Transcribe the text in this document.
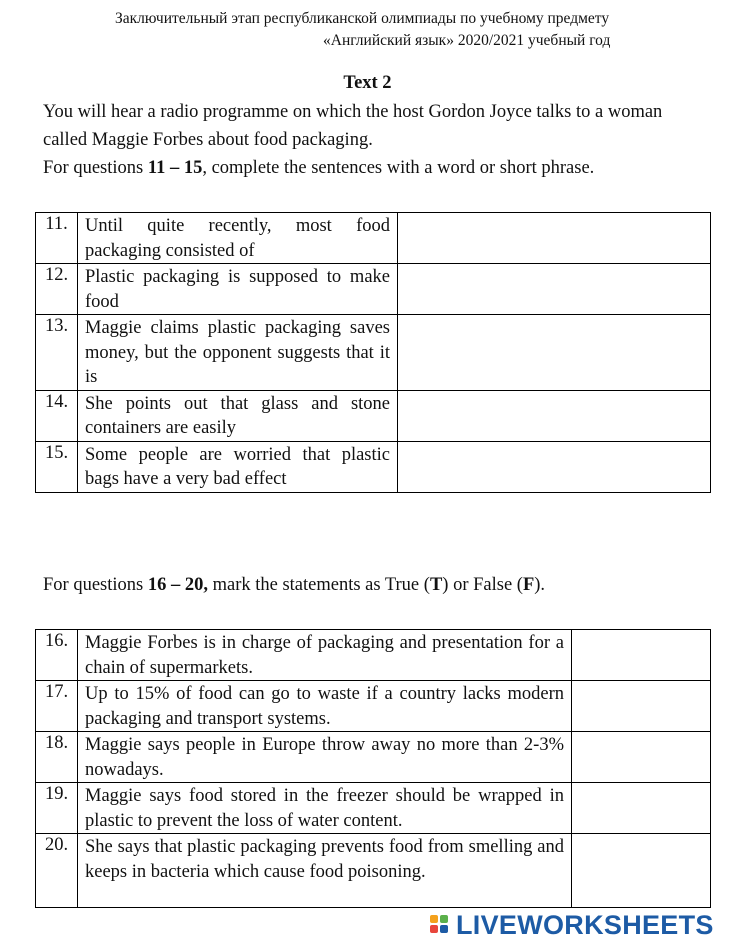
Заключительный этап республиканской олимпиады по учебному предмету
«Английский язык» 2020/2021 учебный год
Text 2
You will hear a radio programme on which the host Gordon Joyce talks to a woman called Maggie Forbes about food packaging.
For questions 11 – 15, complete the sentences with a word or short phrase.
11.	Until quite recently, most food packaging consisted of	
12.	Plastic packaging is supposed to make food	
13.	Maggie claims plastic packaging saves money, but the opponent suggests that it is	
14.	She points out that glass and stone containers are easily	
15.	Some people are worried that plastic bags have a very bad effect	
For questions 16 – 20, mark the statements as True (T) or False (F).
16.	Maggie Forbes is in charge of packaging and presentation for a chain of supermarkets.	
17.	Up to 15% of food can go to waste if a country lacks modern packaging and transport systems.	
18.	Maggie says people in Europe throw away no more than 2-3% nowadays.	
19.	Maggie says food stored in the freezer should be wrapped in plastic to prevent the loss of water content.	
20.	She says that plastic packaging prevents food from smelling and keeps in bacteria which cause food poisoning.	
LIVEWORKSHEETS
